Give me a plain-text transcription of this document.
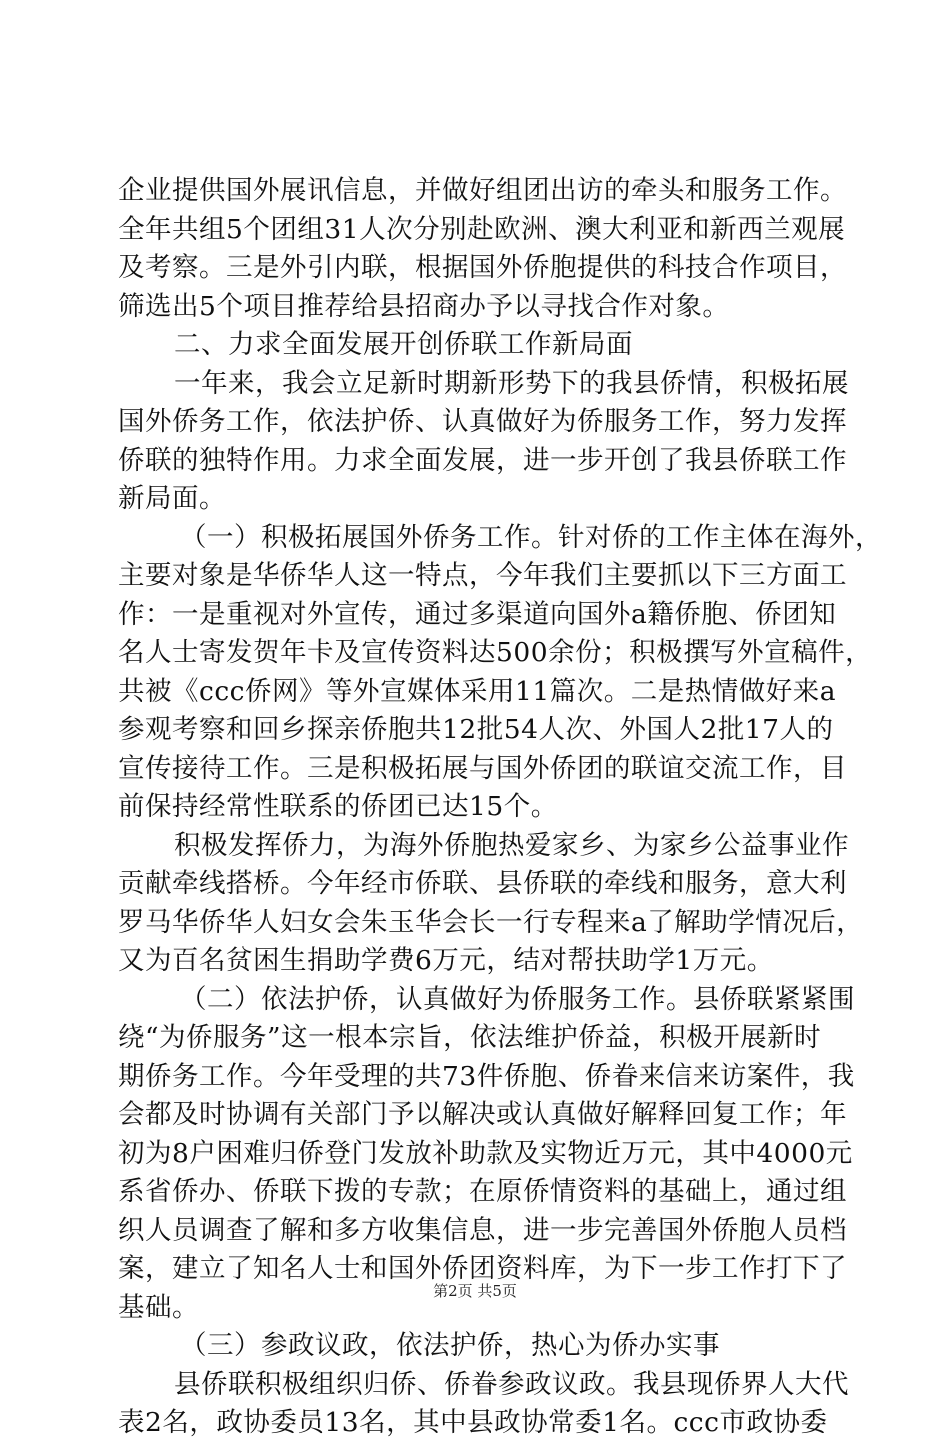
企业提供国外展讯信息，并做好组团出访的牵头和服务工作。
全年共组5个团组31人次分别赴欧洲、澳大利亚和新西兰观展
及考察。三是外引内联，根据国外侨胞提供的科技合作项目，
筛选出5个项目推荐给县招商办予以寻找合作对象。
二、力求全面发展开创侨联工作新局面
一年来，我会立足新时期新形势下的我县侨情，积极拓展
国外侨务工作，依法护侨、认真做好为侨服务工作，努力发挥
侨联的独特作用。力求全面发展，进一步开创了我县侨联工作
新局面。
（一）积极拓展国外侨务工作。针对侨的工作主体在海外，
主要对象是华侨华人这一特点，今年我们主要抓以下三方面工
作：一是重视对外宣传，通过多渠道向国外a籍侨胞、侨团知
名人士寄发贺年卡及宣传资料达500余份；积极撰写外宣稿件，
共被《ccc侨网》等外宣媒体采用11篇次。二是热情做好来a
参观考察和回乡探亲侨胞共12批54人次、外国人2批17人的
宣传接待工作。三是积极拓展与国外侨团的联谊交流工作，目
前保持经常性联系的侨团已达15个。
积极发挥侨力，为海外侨胞热爱家乡、为家乡公益事业作
贡献牵线搭桥。今年经市侨联、县侨联的牵线和服务，意大利
罗马华侨华人妇女会朱玉华会长一行专程来a了解助学情况后，
又为百名贫困生捐助学费6万元，结对帮扶助学1万元。
（二）依法护侨，认真做好为侨服务工作。县侨联紧紧围
绕“为侨服务”这一根本宗旨，依法维护侨益，积极开展新时
期侨务工作。今年受理的共73件侨胞、侨眷来信来访案件，我
会都及时协调有关部门予以解决或认真做好解释回复工作；年
初为8户困难归侨登门发放补助款及实物近万元，其中4000元
系省侨办、侨联下拨的专款；在原侨情资料的基础上，通过组
织人员调查了解和多方收集信息，进一步完善国外侨胞人员档
案，建立了知名人士和国外侨团资料库，为下一步工作打下了
基础。
（三）参政议政，依法护侨，热心为侨办实事
县侨联积极组织归侨、侨眷参政议政。我县现侨界人大代
表2名，政协委员13名，其中县政协常委1名。ccc市政协委
第2页 共5页
